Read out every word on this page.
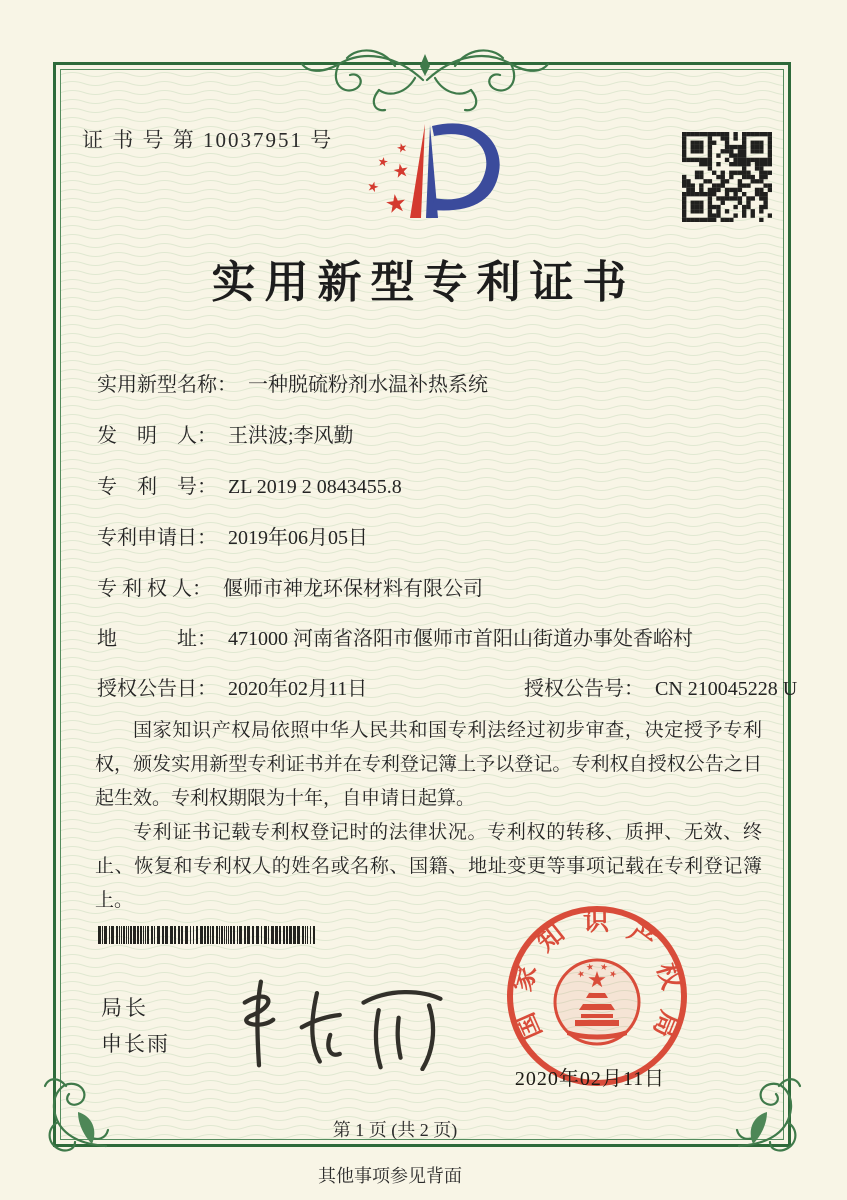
证 书 号 第 10037951 号
实用新型专利证书
实用新型名称： 一种脱硫粉剂水温补热系统
发　明　人： 王洪波;李风勤
专　利　号： ZL 2019 2 0843455.8
专利申请日： 2019年06月05日
专 利 权 人： 偃师市神龙环保材料有限公司
地　　　址： 471000 河南省洛阳市偃师市首阳山街道办事处香峪村
授权公告日： 2020年02月11日	授权公告号： CN 210045228 U

国家知识产权局依照中华人民共和国专利法经过初步审查，决定授予专利权，颁发实用新型专利证书并在专利登记簿上予以登记。专利权自授权公告之日起生效。专利权期限为十年，自申请日起算。

专利证书记载专利权登记时的法律状况。专利权的转移、质押、无效、终止、恢复和专利权人的姓名或名称、国籍、地址变更等事项记载在专利登记簿上。

局长
申长雨
国家知识产权局
2020年02月11日
第 1 页 (共 2 页)
其他事项参见背面
